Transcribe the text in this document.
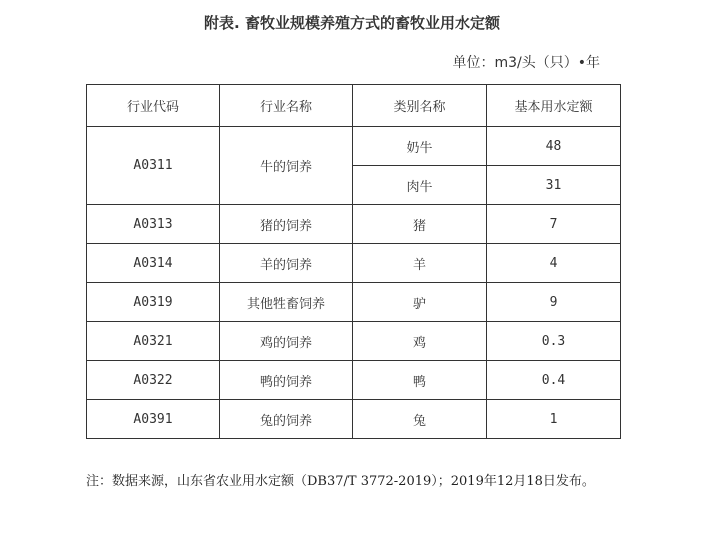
附表. 畜牧业规模养殖方式的畜牧业用水定额
单位：m3/头（只）•年
行业代码	行业名称	类别名称	基本用水定额
A0311	牛的饲养	奶牛	48
		肉牛	31
A0313	猪的饲养	猪	7
A0314	羊的饲养	羊	4
A0319	其他牲畜饲养	驴	9
A0321	鸡的饲养	鸡	0.3
A0322	鸭的饲养	鸭	0.4
A0391	兔的饲养	兔	1
注：数据来源，山东省农业用水定额（DB37/T 3772-2019）；2019年12月18日发布。
